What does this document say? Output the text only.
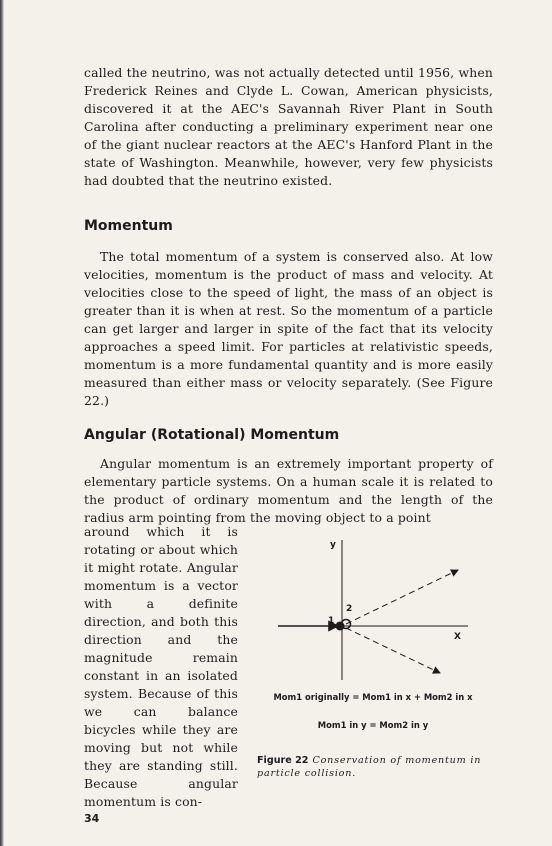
called the neutrino, was not actually detected until 1956, when Frederick Reines and Clyde L. Cowan, American physicists, discovered it at the AEC's Savannah River Plant in South Carolina after conducting a preliminary experiment near one of the giant nuclear reactors at the AEC's Hanford Plant in the state of Washington. Meanwhile, however, very few physicists had doubted that the neutrino existed.

Momentum

The total momentum of a system is conserved also. At low velocities, momentum is the product of mass and velocity. At velocities close to the speed of light, the mass of an object is greater than it is when at rest. So the momentum of a particle can get larger and larger in spite of the fact that its velocity approaches a speed limit. For particles at relativistic speeds, momentum is a more fundamental quantity and is more easily measured than either mass or velocity separately. (See Figure 22.)

Angular (Rotational) Momentum

Angular momentum is an extremely important property of elementary particle systems. On a human scale it is related to the product of ordinary momentum and the length of the radius arm pointing from the moving object to a point

around which it is rotating or about which it might rotate. Angular momentum is a vector with a definite direction, and both this direction and the magnitude remain constant in an isolated system. Because of this we can balance bicycles while they are moving but not while they are standing still. Because angular momentum is con-

y
X
1
2

Mom1 originally = Mom1 in x + Mom2 in x

Mom1 in y = Mom2 in y

Figure 22 Conservation of momentum in particle collision.

34
